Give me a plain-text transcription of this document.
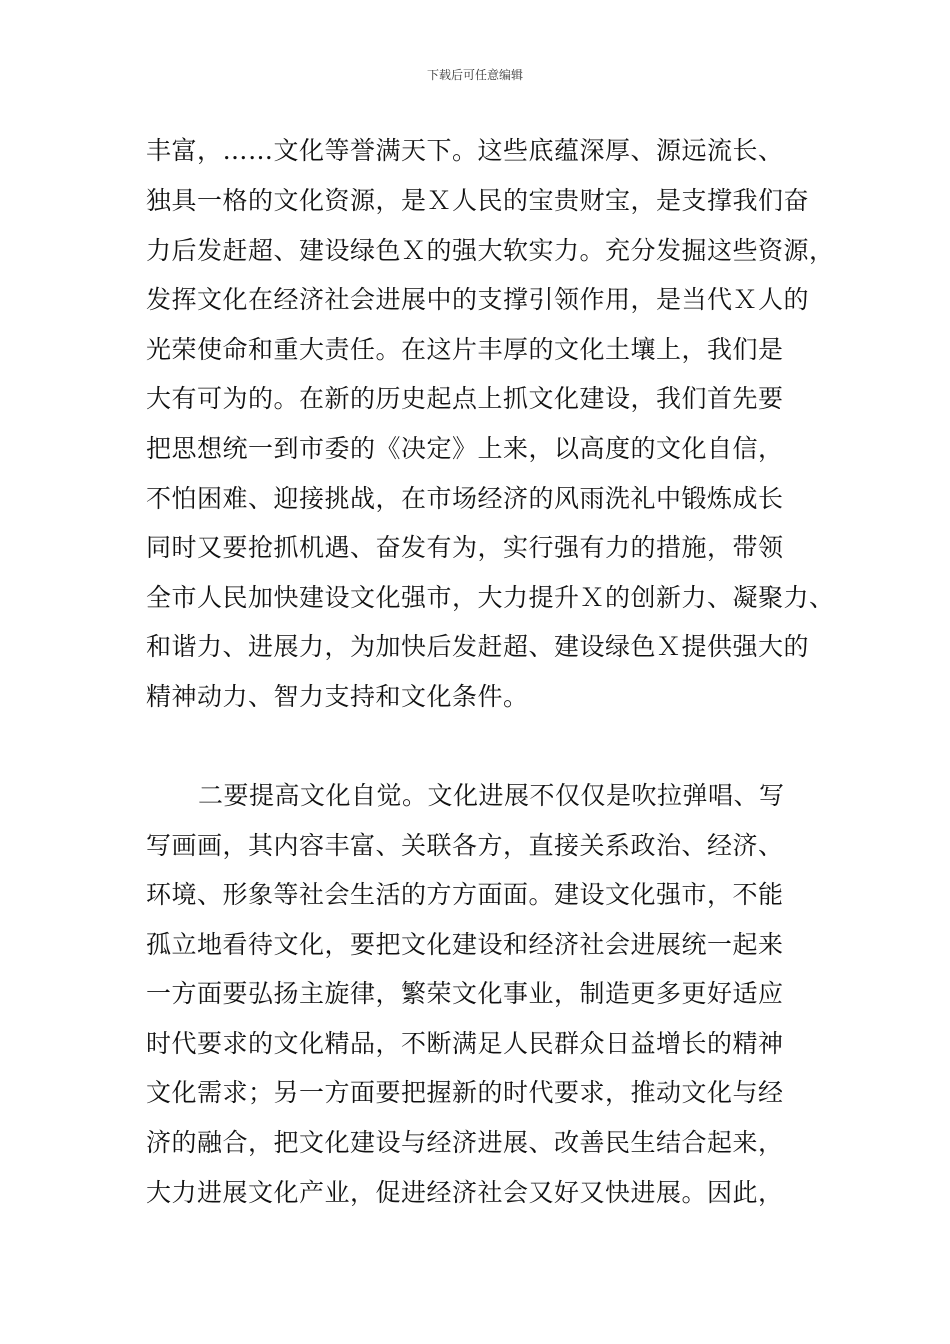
下载后可任意编辑
丰富，……文化等誉满天下。这些底蕴深厚、源远流长、
独具一格的文化资源，是Ｘ人民的宝贵财宝，是支撑我们奋
力后发赶超、建设绿色Ｘ的强大软实力。充分发掘这些资源，
发挥文化在经济社会进展中的支撑引领作用，是当代Ｘ人的
光荣使命和重大责任。在这片丰厚的文化土壤上，我们是
大有可为的。在新的历史起点上抓文化建设，我们首先要
把思想统一到市委的《决定》上来，以高度的文化自信，
不怕困难、迎接挑战，在市场经济的风雨洗礼中锻炼成长
同时又要抢抓机遇、奋发有为，实行强有力的措施，带领
全市人民加快建设文化强市，大力提升Ｘ的创新力、凝聚力、
和谐力、进展力，为加快后发赶超、建设绿色Ｘ提供强大的
精神动力、智力支持和文化条件。
二要提高文化自觉。文化进展不仅仅是吹拉弹唱、写
写画画，其内容丰富、关联各方，直接关系政治、经济、
环境、形象等社会生活的方方面面。建设文化强市，不能
孤立地看待文化，要把文化建设和经济社会进展统一起来
一方面要弘扬主旋律，繁荣文化事业，制造更多更好适应
时代要求的文化精品，不断满足人民群众日益增长的精神
文化需求；另一方面要把握新的时代要求，推动文化与经
济的融合，把文化建设与经济进展、改善民生结合起来，
大力进展文化产业，促进经济社会又好又快进展。因此，
